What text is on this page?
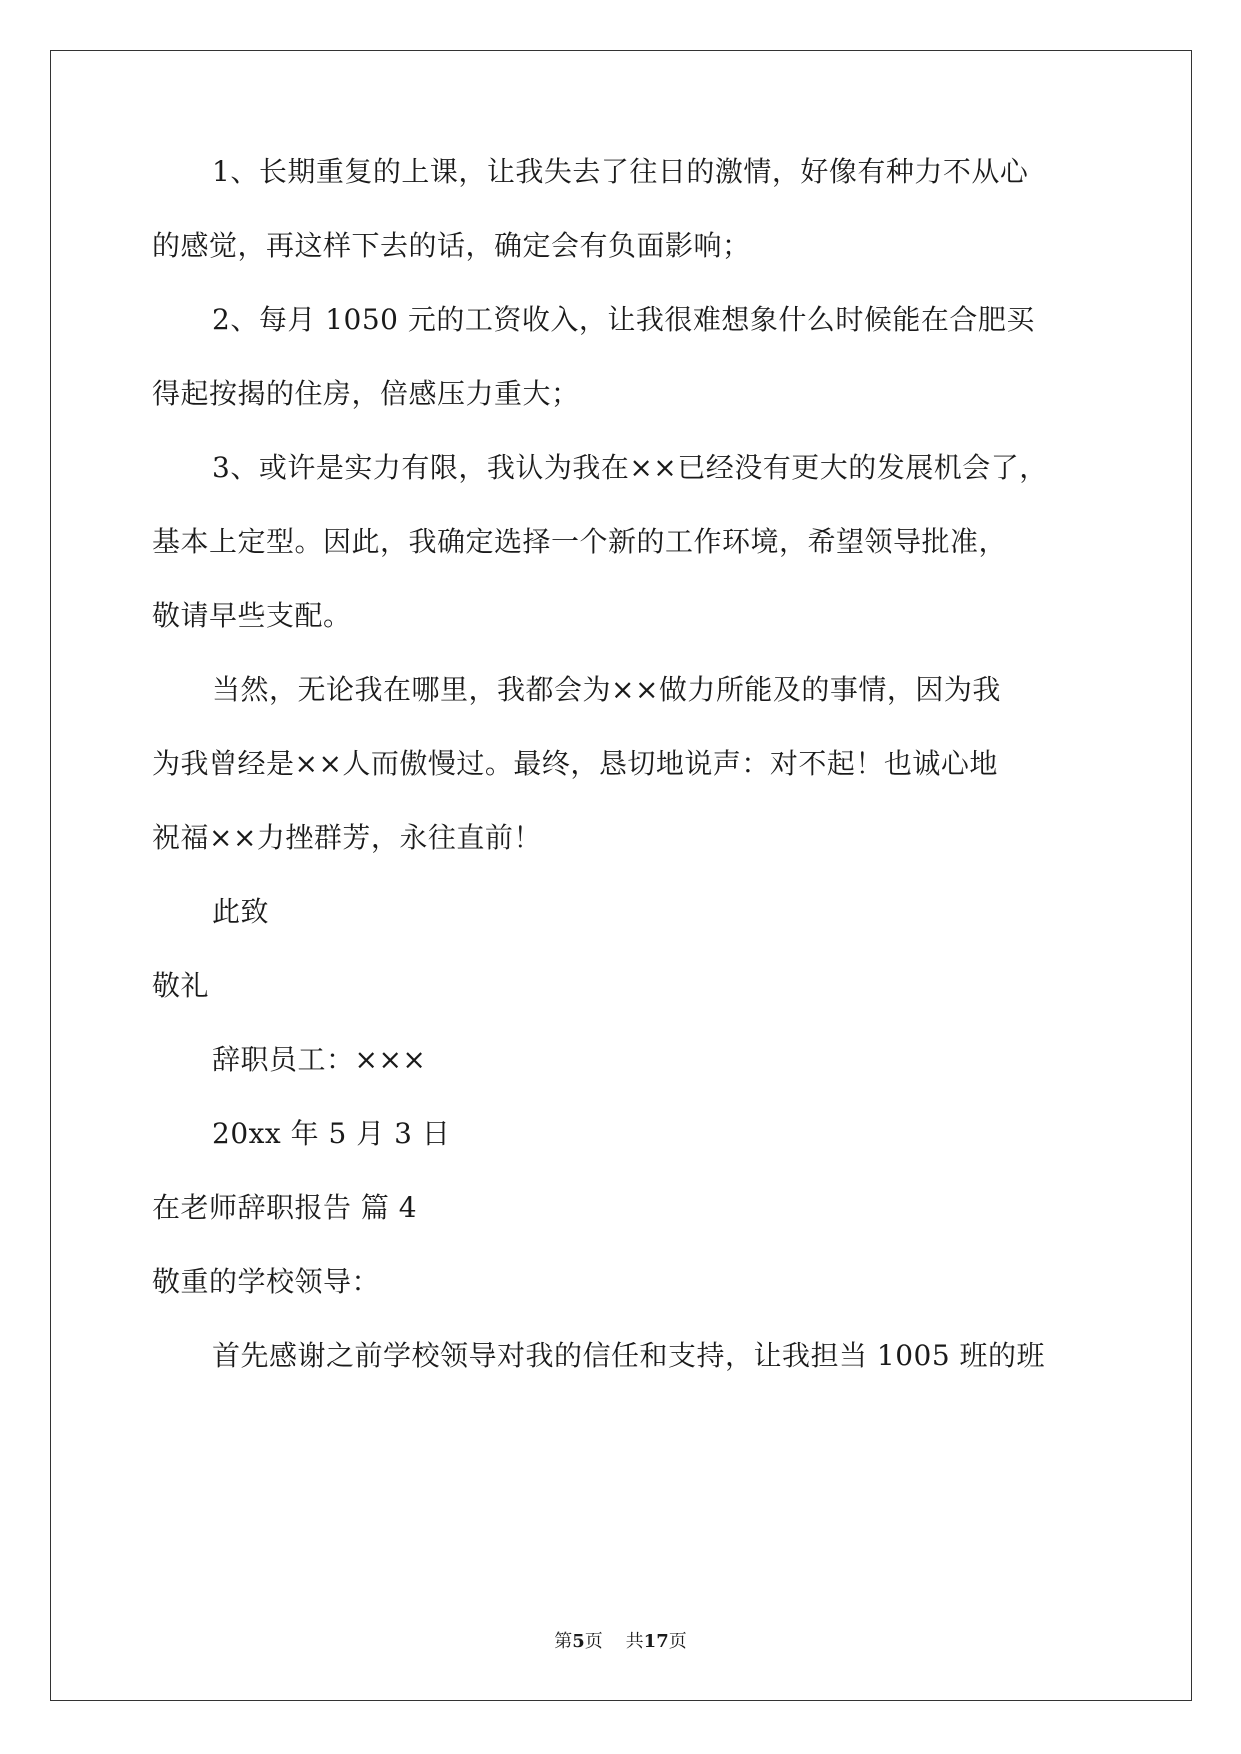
1、长期重复的上课，让我失去了往日的激情，好像有种力不从心
的感觉，再这样下去的话，确定会有负面影响；
2、每月 1050 元的工资收入，让我很难想象什么时候能在合肥买
得起按揭的住房，倍感压力重大；
3、或许是实力有限，我认为我在××已经没有更大的发展机会了，
基本上定型。因此，我确定选择一个新的工作环境，希望领导批准，
敬请早些支配。
当然，无论我在哪里，我都会为××做力所能及的事情，因为我
为我曾经是××人而傲慢过。最终，恳切地说声：对不起！也诚心地
祝福××力挫群芳，永往直前！
此致
敬礼
辞职员工：×××
20xx 年 5 月 3 日
在老师辞职报告 篇 4
敬重的学校领导：
首先感谢之前学校领导对我的信任和支持，让我担当 1005 班的班
第5页    共17页
